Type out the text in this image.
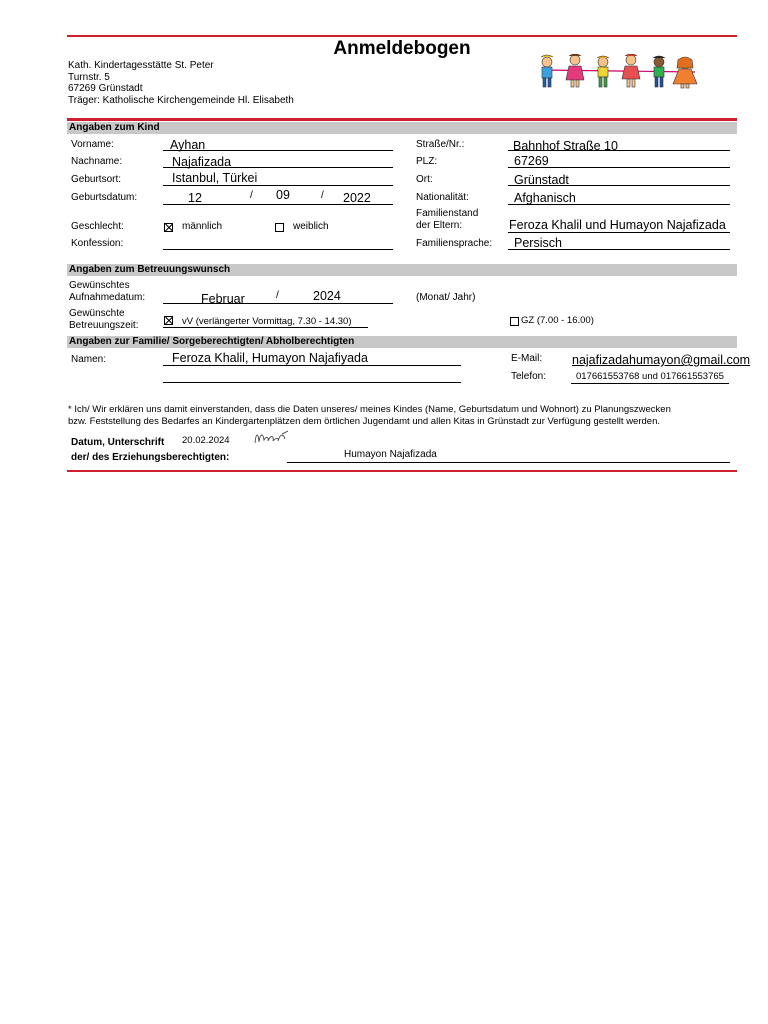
Anmeldebogen
Kath. Kindertagesstätte St. Peter
Turnstr. 5
67269 Grünstadt
Träger: Katholische Kirchengemeinde Hl. Elisabeth
Angaben zum Kind
Vorname:	Ayhan
Nachname:	Najafizada
Geburtsort:	Istanbul, Türkei
Geburtsdatum:	12	/ 09	/ 2022
Geschlecht:	männlich	weiblich
Konfession:
Straße/Nr.:	Bahnhof Straße 10
PLZ:	67269
Ort:	Grünstadt
Nationalität:	Afghanisch
Familienstand
der Eltern:	Feroza Khalil und Humayon Najafizada
Familiensprache: Persisch
Angaben zum Betreuungswunsch
Gewünschtes
Aufnahmedatum:	Februar	/	2024	(Monat/ Jahr)
Gewünschte
Betreuungszeit:	vV (verlängerter Vormittag, 7.30 - 14.30)	GZ (7.00 - 16.00)
Angaben zur Familie/ Sorgeberechtigten/ Abholberechtigten
Namen:	Feroza Khalil, Humayon Najafiyada	E-Mail: najafizadahumayon@gmail.com
Telefon:	017661553768 und 017661553765
* Ich/ Wir erklären uns damit einverstanden, dass die Daten unseres/ meines Kindes (Name, Geburtsdatum und Wohnort) zu Planungszwecken
bzw. Feststellung des Bedarfes an Kindergartenplätzen dem örtlichen Jugendamt und allen Kitas in Grünstadt zur Verfügung gestellt werden.
Datum, Unterschrift
der/ des Erziehungsberechtigten:
20.02.2024
Humayon Najafizada
